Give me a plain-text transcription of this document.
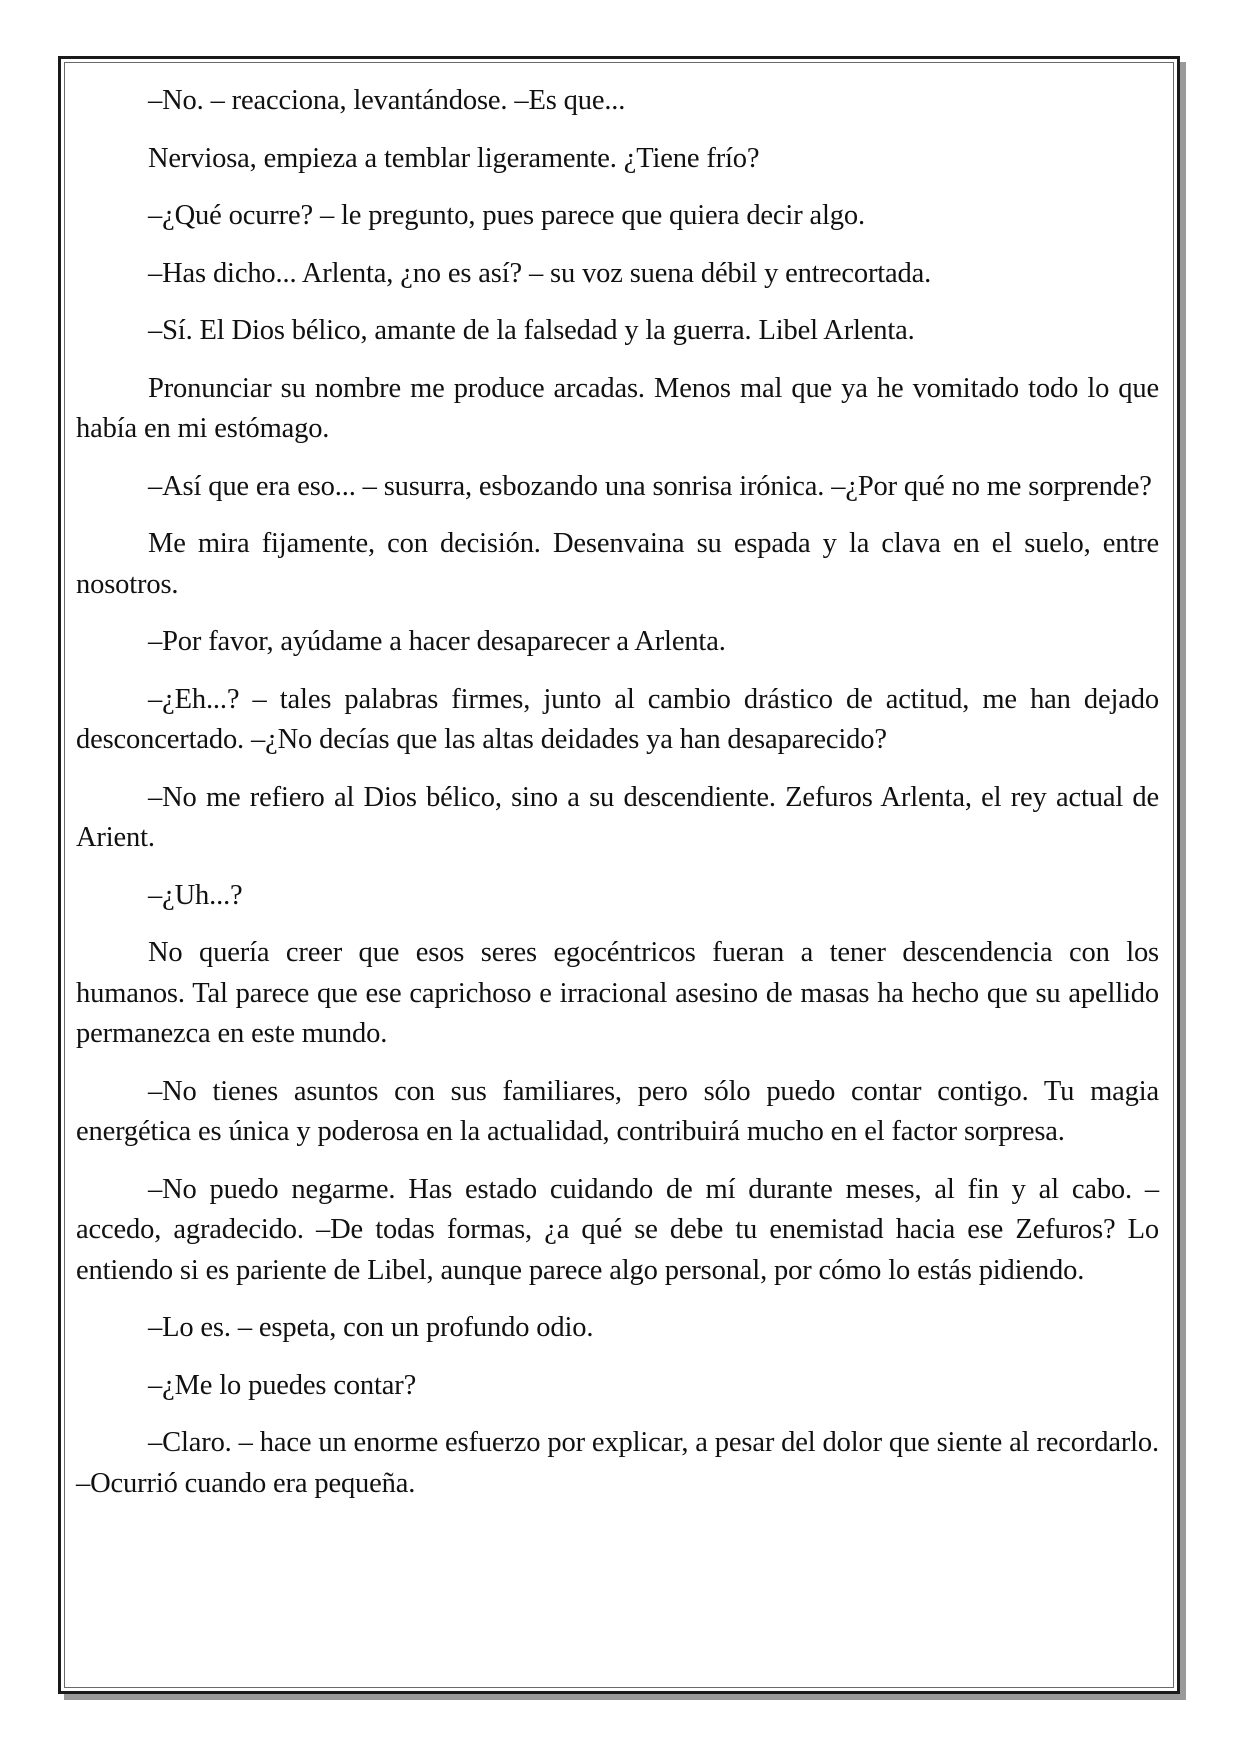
–No. – reacciona, levantándose. –Es que...

Nerviosa, empieza a temblar ligeramente. ¿Tiene frío?

–¿Qué ocurre? – le pregunto, pues parece que quiera decir algo.

–Has dicho... Arlenta, ¿no es así? – su voz suena débil y entrecortada.

–Sí. El Dios bélico, amante de la falsedad y la guerra. Libel Arlenta.

Pronunciar su nombre me produce arcadas. Menos mal que ya he vomitado todo lo que había en mi estómago.

–Así que era eso... – susurra, esbozando una sonrisa irónica. –¿Por qué no me sorprende?

Me mira fijamente, con decisión. Desenvaina su espada y la clava en el suelo, entre nosotros.

–Por favor, ayúdame a hacer desaparecer a Arlenta.

–¿Eh...? – tales palabras firmes, junto al cambio drástico de actitud, me han dejado desconcertado. –¿No decías que las altas deidades ya han desaparecido?

–No me refiero al Dios bélico, sino a su descendiente. Zefuros Arlenta, el rey actual de Arient.

–¿Uh...?

No quería creer que esos seres egocéntricos fueran a tener descendencia con los humanos. Tal parece que ese caprichoso e irracional asesino de masas ha hecho que su apellido permanezca en este mundo.

–No tienes asuntos con sus familiares, pero sólo puedo contar contigo. Tu magia energética es única y poderosa en la actualidad, contribuirá mucho en el factor sorpresa.

–No puedo negarme. Has estado cuidando de mí durante meses, al fin y al cabo. – accedo, agradecido. –De todas formas, ¿a qué se debe tu enemistad hacia ese Zefuros? Lo entiendo si es pariente de Libel, aunque parece algo personal, por cómo lo estás pidiendo.

–Lo es. – espeta, con un profundo odio.

–¿Me lo puedes contar?

–Claro. – hace un enorme esfuerzo por explicar, a pesar del dolor que siente al recordarlo. –Ocurrió cuando era pequeña.
